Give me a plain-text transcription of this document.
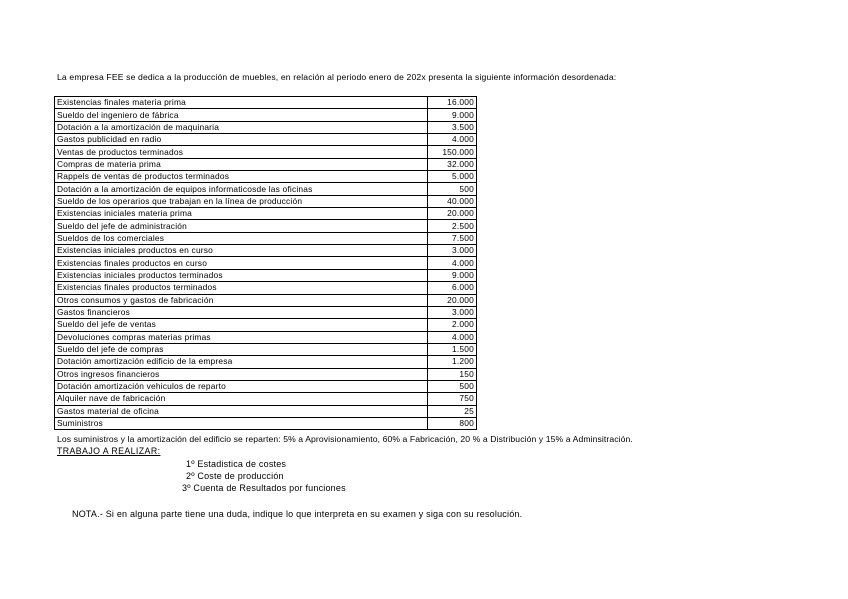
La empresa FEE se dedica a la producción de muebles, en relación al periodo enero de 202x presenta la siguiente información desordenada:
Existencias finales materia prima	16.000
Sueldo del ingeniero de fábrica	9.000
Dotación a la amortización de maquinaria	3.500
Gastos publicidad en radio	4.000
Ventas de productos terminados	150.000
Compras de materia prima	32.000
Rappels de ventas de productos terminados	5.000
Dotación a la amortización de equipos informaticosde las oficinas	500
Sueldo de los operarios que trabajan en la línea de producción	40.000
Existencias iniciales materia prima	20.000
Sueldo del jefe de administración	2.500
Sueldos de los comerciales	7.500
Existencias iniciales productos en curso	3.000
Existencias finales productos en curso	4.000
Existencias iniciales productos terminados	9.000
Existencias finales productos terminados	6.000
Otros consumos y gastos de fabricación	20.000
Gastos financieros	3.000
Sueldo del jefe de ventas	2.000
Devoluciones compras materias primas	4.000
Sueldo del jefe de compras	1.500
Dotación amortización edificio de la empresa	1.200
Otros ingresos financieros	150
Dotación amortización vehiculos de reparto	500
Alquiler nave de fabricación	750
Gastos material de oficina	25
Suministros	800
Los suministros y la amortización del edificio se reparten: 5% a Aprovisionamiento, 60% a Fabricación, 20 % a Distribución y 15% a Adminsitración.
TRABAJO A REALIZAR:
1º Estadistica de costes
2º Coste de producción
3º Cuenta de Resultados por funciones
NOTA.- Si en alguna parte tiene una duda, indique lo que interpreta en su examen y siga con su resolución.
